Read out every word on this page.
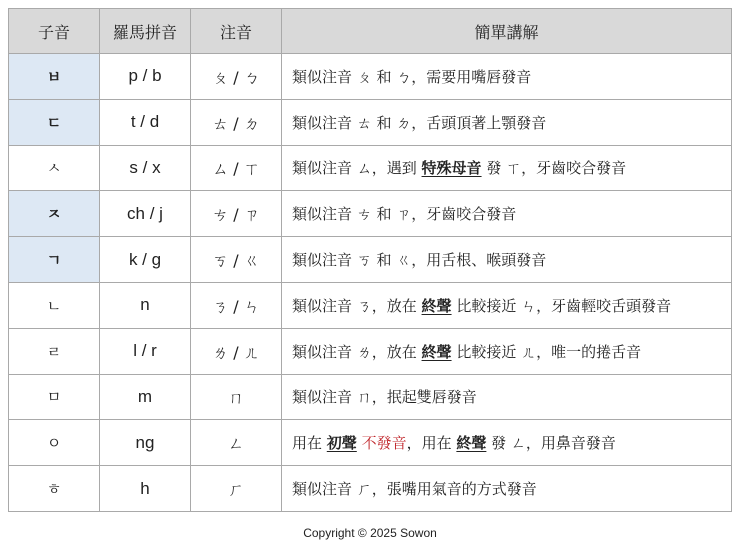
子音	羅馬拼音	注音	簡單講解
ㅂ	p / b	ㄆ / ㄅ	類似注音 ㄆ 和 ㄅ，需要用嘴唇發音
ㄷ	t / d	ㄊ / ㄉ	類似注音 ㄊ 和 ㄉ，舌頭頂著上顎發音
ㅅ	s / x	ㄙ / ㄒ	類似注音 ㄙ，遇到 特殊母音 發 ㄒ，牙齒咬合發音
ㅈ	ch / j	ㄘ / ㄗ	類似注音 ㄘ 和 ㄗ，牙齒咬合發音
ㄱ	k / g	ㄎ / ㄍ	類似注音 ㄎ 和 ㄍ，用舌根、喉頭發音
ㄴ	n	ㄋ / ㄣ	類似注音 ㄋ，放在 終聲 比較接近 ㄣ，牙齒輕咬舌頭發音
ㄹ	l / r	ㄌ / ㄦ	類似注音 ㄌ，放在 終聲 比較接近 ㄦ，唯一的捲舌音
ㅁ	m	ㄇ	類似注音 ㄇ，抿起雙唇發音
ㅇ	ng	ㄥ	用在 初聲 不發音，用在 終聲 發 ㄥ，用鼻音發音
ㅎ	h	ㄏ	類似注音 ㄏ，張嘴用氣音的方式發音
Copyright © 2025 Sowon
